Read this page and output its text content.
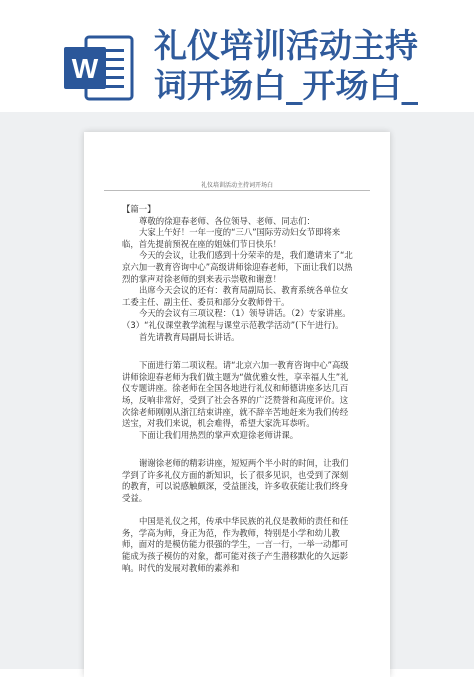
W
礼仪培训活动主持
词开场白_开场白_
礼仪培训活动主持词开场白

【篇一】

尊敬的徐迎春老师、各位领导、老师、同志们：

大家上午好！一年一度的“三八”国际劳动妇女节即将来临，首先提前预祝在座的姐妹们节日快乐！

今天的会议，让我们感到十分荣幸的是，我们邀请来了“北京六加一教育咨询中心”高级讲师徐迎春老师，下面让我们以热烈的掌声对徐老师的到来表示崇敬和谢意！

出席今天会议的还有：教育局副局长、教育系统各单位女工委主任、副主任、委员和部分女教师骨干。

今天的会议有三项议程：（1）领导讲话。（2）专家讲座。（3）“礼仪课堂教学流程与课堂示范教学活动”(下午进行)。

首先请教育局副局长讲话。

下面进行第二项议程。请“北京六加一教育咨询中心”高级讲师徐迎春老师为我们做主题为“做优雅女性，享幸福人生”礼仪专题讲座。徐老师在全国各地进行礼仪和师德讲座多达几百场，反响非常好，受到了社会各界的广泛赞誉和高度评价。这次徐老师刚刚从浙江结束讲座，就不辞辛苦地赶来为我们传经送宝，对我们来说，机会难得，希望大家洗耳恭听。

下面让我们用热烈的掌声欢迎徐老师讲课。

谢谢徐老师的精彩讲座，短短两个半小时的时间，让我们学到了许多礼仪方面的新知识，长了很多见识，也受到了深刻的教育，可以说感触颇深，受益匪浅，许多收获能让我们终身受益。

中国是礼仪之邦，传承中华民族的礼仪是教师的责任和任务，学高为师，身正为范，作为教师，特别是小学和幼儿教师，面对的是模仿能力很强的学生，一言一行，一举一动都可能成为孩子模仿的对象，都可能对孩子产生潜移默化的久远影响。时代的发展对教师的素养和
